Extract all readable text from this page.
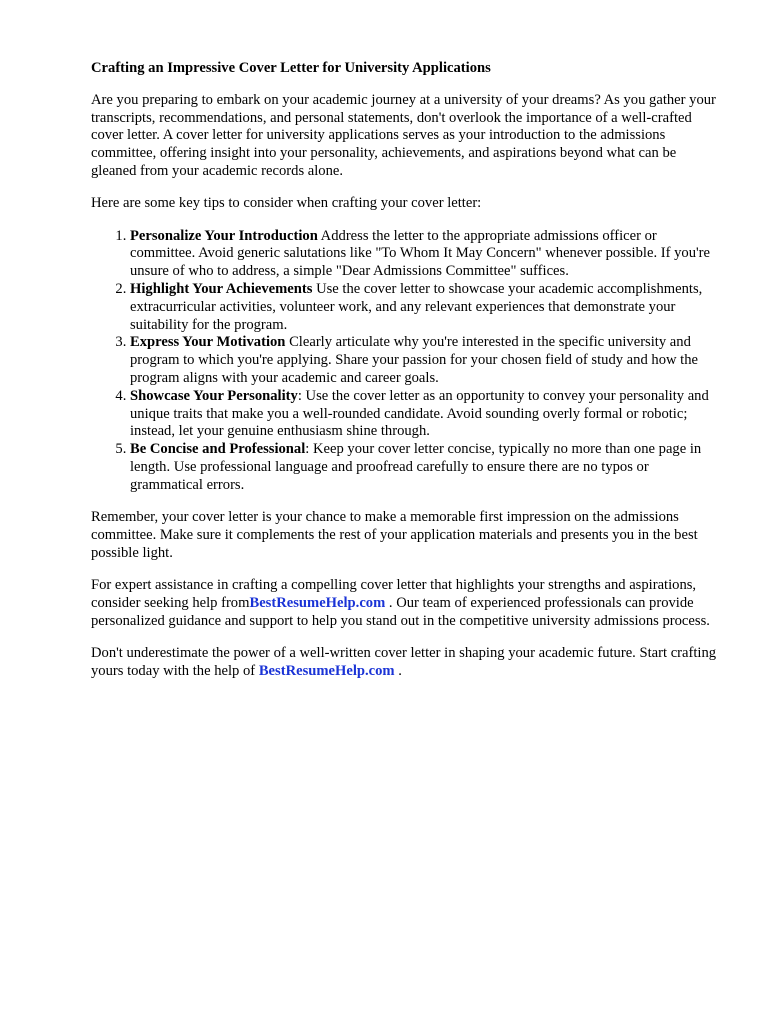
Crafting an Impressive Cover Letter for University Applications

Are you preparing to embark on your academic journey at a university of your dreams? As you gather your transcripts, recommendations, and personal statements, don't overlook the importance of a well-crafted cover letter. A cover letter for university applications serves as your introduction to the admissions committee, offering insight into your personality, achievements, and aspirations beyond what can be gleaned from your academic records alone.

Here are some key tips to consider when crafting your cover letter:

1. Personalize Your Introduction Address the letter to the appropriate admissions officer or committee. Avoid generic salutations like "To Whom It May Concern" whenever possible. If you're unsure of who to address, a simple "Dear Admissions Committee" suffices.
2. Highlight Your Achievements Use the cover letter to showcase your academic accomplishments, extracurricular activities, volunteer work, and any relevant experiences that demonstrate your suitability for the program.
3. Express Your Motivation Clearly articulate why you're interested in the specific university and program to which you're applying. Share your passion for your chosen field of study and how the program aligns with your academic and career goals.
4. Showcase Your Personality: Use the cover letter as an opportunity to convey your personality and unique traits that make you a well-rounded candidate. Avoid sounding overly formal or robotic; instead, let your genuine enthusiasm shine through.
5. Be Concise and Professional: Keep your cover letter concise, typically no more than one page in length. Use professional language and proofread carefully to ensure there are no typos or grammatical errors.

Remember, your cover letter is your chance to make a memorable first impression on the admissions committee. Make sure it complements the rest of your application materials and presents you in the best possible light.

For expert assistance in crafting a compelling cover letter that highlights your strengths and aspirations, consider seeking help fromBestResumeHelp.com . Our team of experienced professionals can provide personalized guidance and support to help you stand out in the competitive university admissions process.

Don't underestimate the power of a well-written cover letter in shaping your academic future. Start crafting yours today with the help of BestResumeHelp.com .
